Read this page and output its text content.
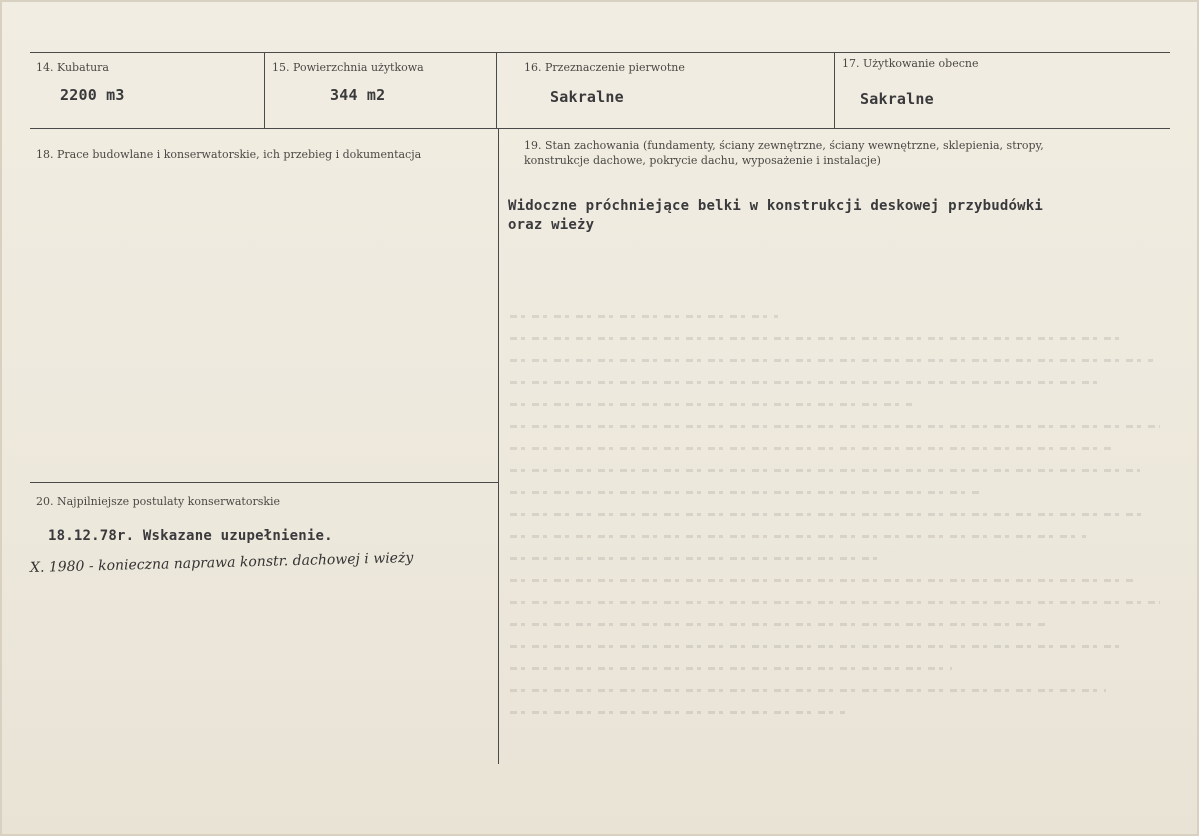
14. Kubatura
2200 m3
15. Powierzchnia użytkowa
344 m2
16. Przeznaczenie pierwotne
Sakralne
17. Użytkowanie obecne
Sakralne
18. Prace budowlane i konserwatorskie, ich przebieg i dokumentacja
19. Stan zachowania (fundamenty, ściany zewnętrzne, ściany wewnętrzne, sklepienia, stropy,
konstrukcje dachowe, pokrycie dachu, wyposażenie i instalacje)
Widoczne próchniejące belki w konstrukcji deskowej przybudówki
oraz wieży
20. Najpilniejsze postulaty konserwatorskie
18.12.78r. Wskazane uzupełnienie.
X. 1980 - konieczna naprawa konstr. dachowej i wieży
